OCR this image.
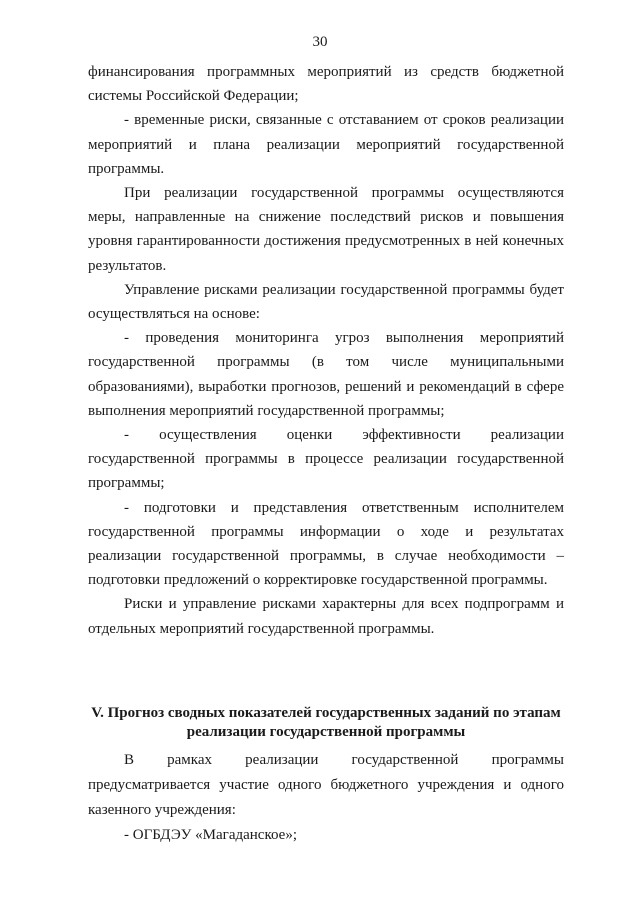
30

финансирования программных мероприятий из средств бюджетной системы Российской Федерации;

- временные риски, связанные с отставанием от сроков реализации мероприятий и плана реализации мероприятий государственной программы.

При реализации государственной программы осуществляются меры, направленные на снижение последствий рисков и повышения уровня гарантированности достижения предусмотренных в ней конечных результатов.

Управление рисками реализации государственной программы будет осуществляться на основе:

- проведения мониторинга угроз выполнения мероприятий государственной программы (в том числе муниципальными образованиями), выработки прогнозов, решений и рекомендаций в сфере выполнения мероприятий государственной программы;

- осуществления оценки эффективности реализации государственной программы в процессе реализации государственной программы;

- подготовки и представления ответственным исполнителем государственной программы информации о ходе и результатах реализации государственной программы, в случае необходимости – подготовки предложений о корректировке государственной программы.

Риски и управление рисками характерны для всех подпрограмм и отдельных мероприятий государственной программы.

V. Прогноз сводных показателей государственных заданий по этапам
реализации государственной программы

В рамках реализации государственной программы предусматривается участие одного бюджетного учреждения и одного казенного учреждения:

- ОГБДЭУ «Магаданское»;
